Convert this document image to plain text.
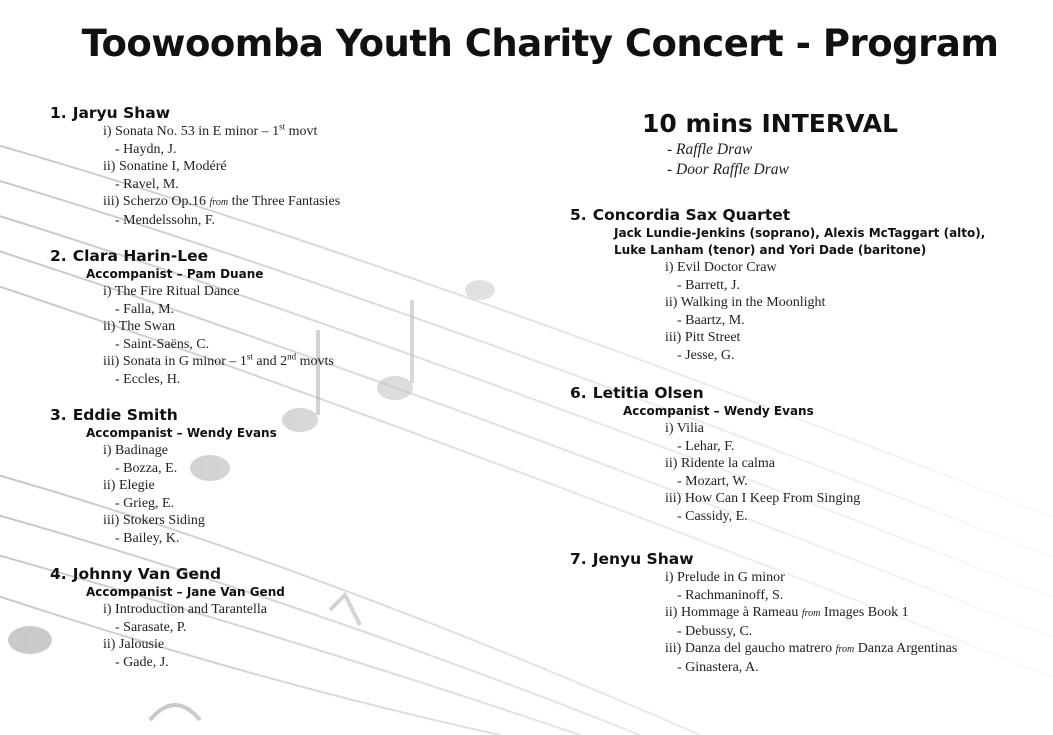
Toowoomba Youth Charity Concert - Program
1. Jaryu Shaw
i) Sonata No. 53 in E minor – 1st movt
- Haydn, J.
ii) Sonatine I, Modéré
- Ravel, M.
iii) Scherzo Op.16 from the Three Fantasies
- Mendelssohn, F.
2. Clara Harin-Lee
Accompanist – Pam Duane
i) The Fire Ritual Dance
- Falla, M.
ii) The Swan
- Saint-Saëns, C.
iii) Sonata in G minor – 1st and 2nd movts
- Eccles, H.
3. Eddie Smith
Accompanist – Wendy Evans
i) Badinage
- Bozza, E.
ii) Elegie
- Grieg, E.
iii) Stokers Siding
- Bailey, K.
4. Johnny Van Gend
Accompanist – Jane Van Gend
i) Introduction and Tarantella
- Sarasate, P.
ii) Jalousie
- Gade, J.
10 mins INTERVAL
- Raffle Draw
- Door Raffle Draw
5. Concordia Sax Quartet
Jack Lundie-Jenkins (soprano), Alexis McTaggart (alto),
Luke Lanham (tenor) and Yori Dade (baritone)
i) Evil Doctor Craw
- Barrett, J.
ii) Walking in the Moonlight
- Baartz, M.
iii) Pitt Street
- Jesse, G.
6. Letitia Olsen
Accompanist – Wendy Evans
i) Vilia
- Lehar, F.
ii) Ridente la calma
- Mozart, W.
iii) How Can I Keep From Singing
- Cassidy, E.
7. Jenyu Shaw
i) Prelude in G minor
- Rachmaninoff, S.
ii) Hommage à Rameau from Images Book 1
- Debussy, C.
iii) Danza del gaucho matrero from Danza Argentinas
- Ginastera, A.
